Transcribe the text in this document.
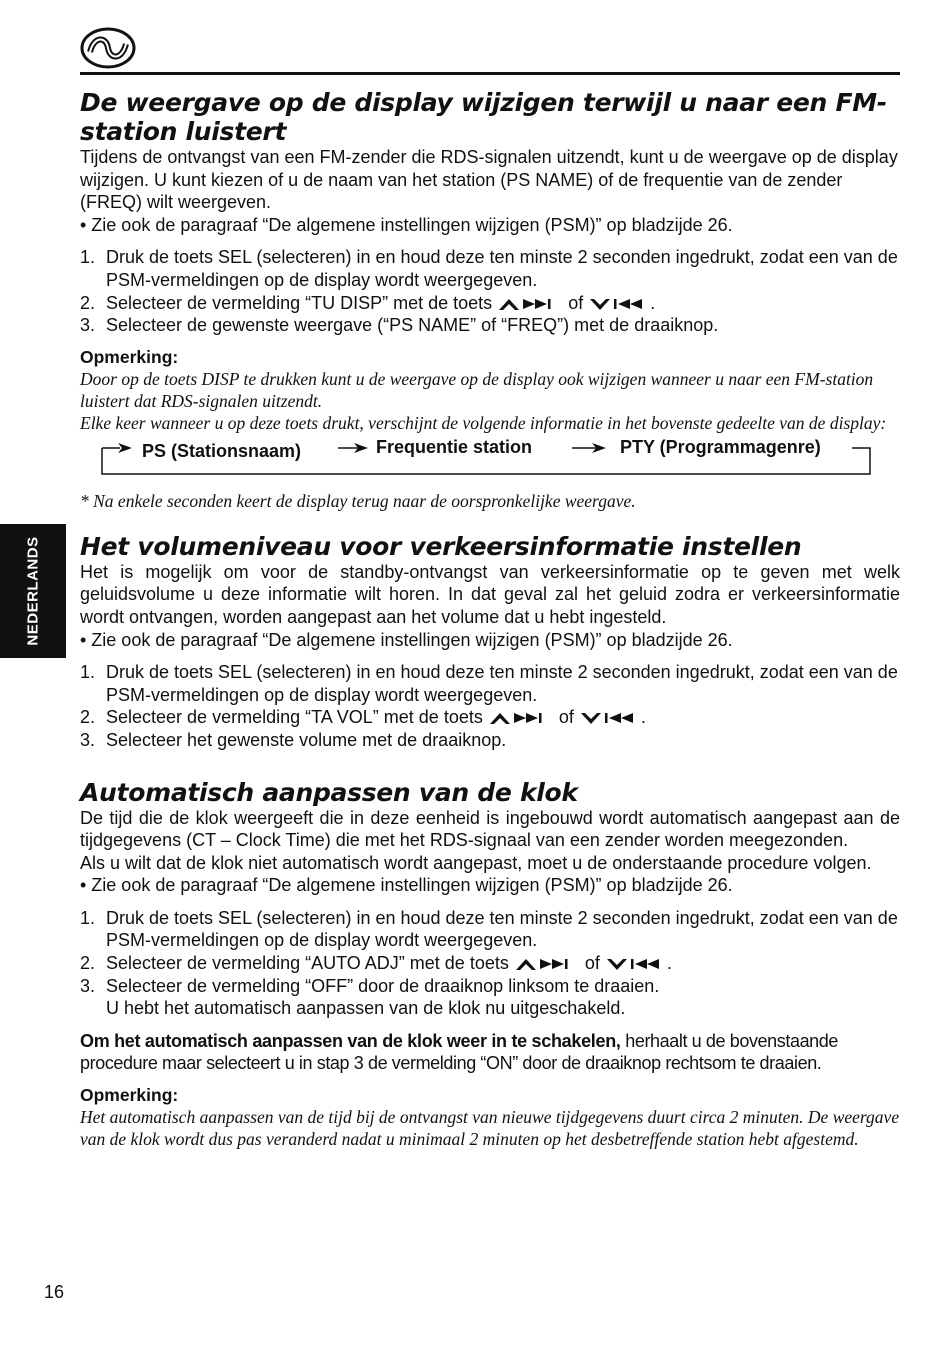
NEDERLANDS
De weergave op de display wijzigen terwijl u naar een FM-station luistert

Tijdens de ontvangst van een FM-zender die RDS-signalen uitzendt, kunt u de weergave op de display wijzigen. U kunt kiezen of u de naam van het station (PS NAME) of de frequentie van de zender (FREQ) wilt weergeven.

• Zie ook de paragraaf “De algemene instellingen wijzigen (PSM)” op bladzijde 26.

1. Druk de toets SEL (selecteren) in en houd deze ten minste 2 seconden ingedrukt, zodat een van de PSM-vermeldingen op de display wordt weergegeven.
2. Selecteer de vermelding “TU DISP” met de toets	of	.
3. Selecteer de gewenste weergave (“PS NAME” of “FREQ”) met de draaiknop.
Opmerking:

Door op de toets DISP te drukken kunt u de weergave op de display ook wijzigen wanneer u naar een FM-station luistert dat RDS-signalen uitzendt.

Elke keer wanneer u op deze toets drukt, verschijnt de volgende informatie in het bovenste gedeelte van de display:

PS (Stationsnaam)	Frequentie station	PTY (Programmagenre)

* Na enkele seconden keert de display terug naar de oorspronkelijke weergave.

Het volumeniveau voor verkeersinformatie instellen

Het is mogelijk om voor de standby-ontvangst van verkeersinformatie op te geven met welk geluidsvolume u deze informatie wilt horen. In dat geval zal het geluid zodra er verkeersinformatie wordt ontvangen, worden aangepast aan het volume dat u hebt ingesteld.

• Zie ook de paragraaf “De algemene instellingen wijzigen (PSM)” op bladzijde 26.

1. Druk de toets SEL (selecteren) in en houd deze ten minste 2 seconden ingedrukt, zodat een van de PSM-vermeldingen op de display wordt weergegeven.
2. Selecteer de vermelding “TA VOL” met de toets	of	.
3. Selecteer het gewenste volume met de draaiknop.
Automatisch aanpassen van de klok

De tijd die de klok weergeeft die in deze eenheid is ingebouwd wordt automatisch aangepast aan de tijdgegevens (CT – Clock Time) die met het RDS-signaal van een zender worden meegezonden.

Als u wilt dat de klok niet automatisch wordt aangepast, moet u de onderstaande procedure volgen.

• Zie ook de paragraaf “De algemene instellingen wijzigen (PSM)” op bladzijde 26.

1. Druk de toets SEL (selecteren) in en houd deze ten minste 2 seconden ingedrukt, zodat een van de PSM-vermeldingen op de display wordt weergegeven.
2. Selecteer de vermelding “AUTO ADJ” met de toets	of	.
3. Selecteer de vermelding “OFF” door de draaiknop linksom te draaien.
U hebt het automatisch aanpassen van de klok nu uitgeschakeld.

Om het automatisch aanpassen van de klok weer in te schakelen, herhaalt u de bovenstaande procedure maar selecteert u in stap 3 de vermelding “ON” door de draaiknop rechtsom te draaien.

Opmerking:

Het automatisch aanpassen van de tijd bij de ontvangst van nieuwe tijdgegevens duurt circa 2 minuten. De weergave van de klok wordt dus pas veranderd nadat u minimaal 2 minuten op het desbetreffende station hebt afgestemd.

16
